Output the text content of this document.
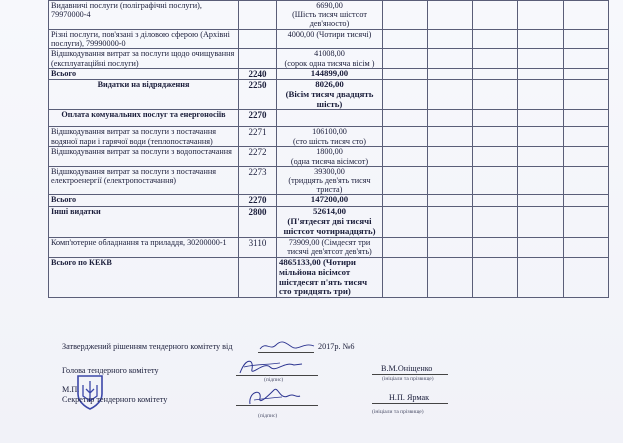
Видавничі послуги (поліграфічні послуги), 79970000-4		6690,00
(Шість тисяч шістсот дев'яносто)					

Різні послуги, пов'язані з діловою сферою (Архівні послуги), 79990000-0		4000,00 (Чотири тисячі)					

Відшкодування витрат за послуги щодо очищування (експлуатаційні послуги)		41008,00
(сорок одна тисяча вісім )					

Всього	2240	144899,00					

Видатки на відрядження	2250	8026,00
(Вісім тисяч двадцять шість)					

Оплата комунальних послуг та енергоносіїв	2270	

Відшкодування витрат за послуги з постачання водяної пари і гарячої води (теплопостачання)	2271	106100,00
(сто шість тисяч сто)					

Відшкодування витрат за послуги з водопостачання	2272	1800,00
(одна тисяча вісімсот)					

Відшкодування витрат за послуги з постачання електроенергії (електропостачання)	2273	39300,00
(тридцять дев'ять тисяч триста)					

Всього	2270	147200,00					

Інші видатки	2800	52614,00
(П'ятдесят дві тисячі шістсот чотирнадцять)					

Комп'ютерне обладнання та приладдя, 30200000-1	3110	73909,00 (Сімдесят три тисячі дев'ятсот дев'ять)					

Всього по КЕКВ		4865133,00 (Чотири мільйона вісімсот шістдесят п'ять тисяч сто тридцять три)					

Затверджений рішенням тендерного комітету від	2017р. №6
Голова тендерного комітету
(підпис)
В.М.Оніщенко
(ініціали та прізвище)
М.П.
Секретар тендерного комітету
(підпис)
Н.П. Ярмак
(ініціали та прізвище)
